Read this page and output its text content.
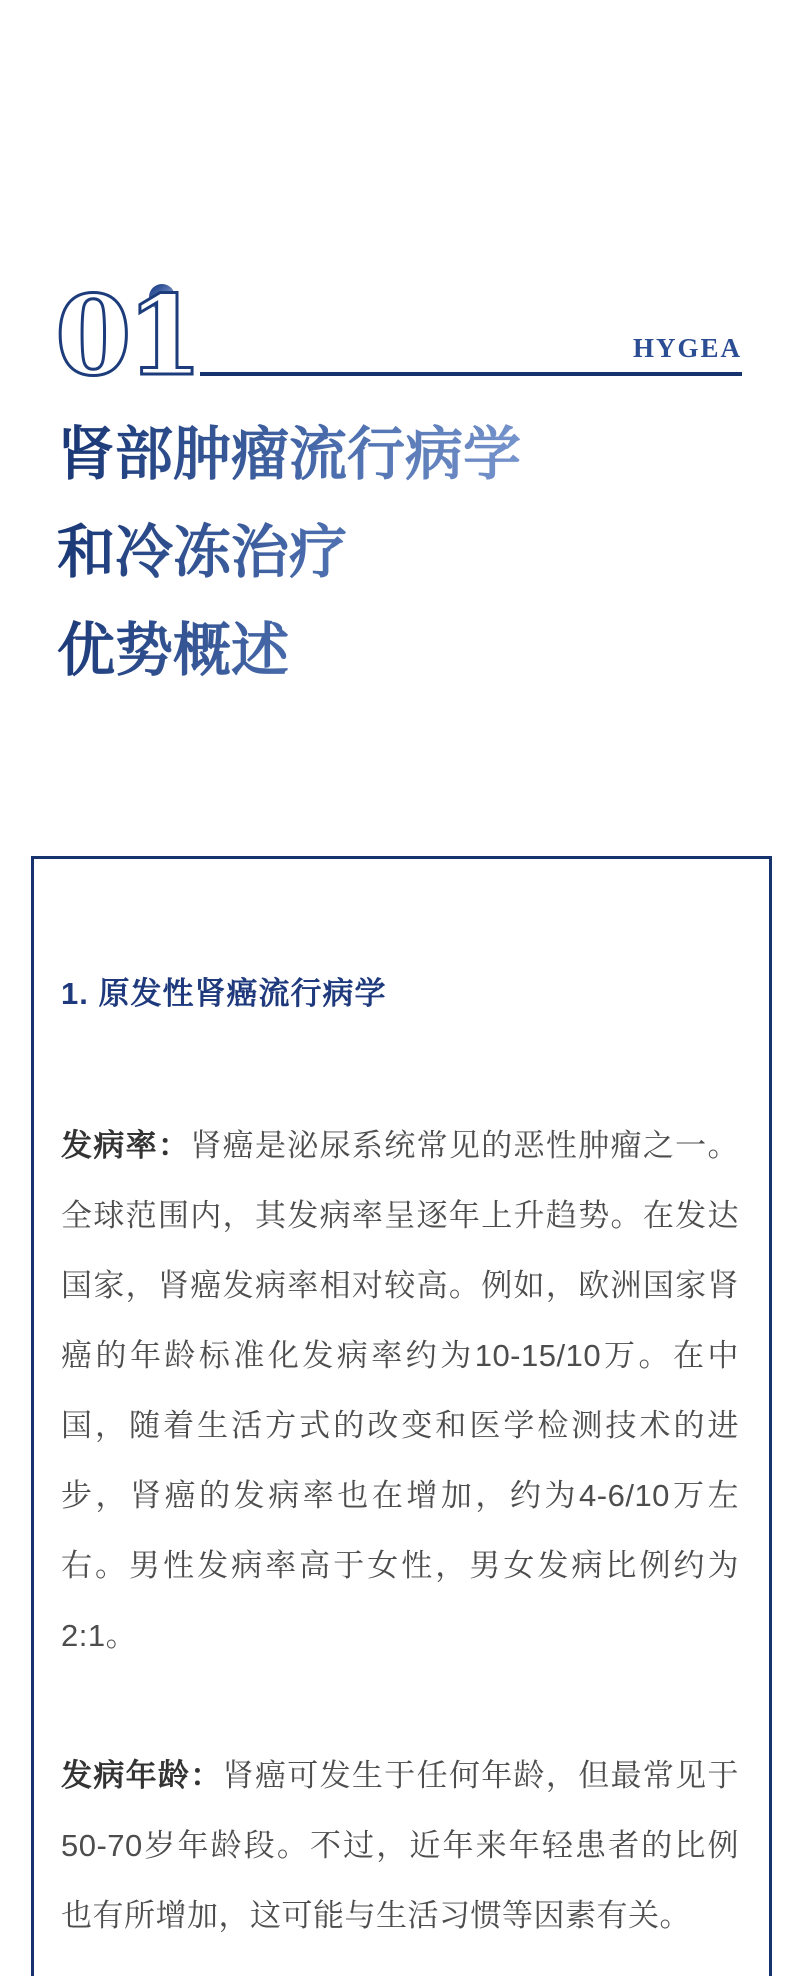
01	HYGEA
肾部肿瘤流行病学
和冷冻治疗
优势概述
1. 原发性肾癌流行病学

发病率：肾癌是泌尿系统常见的恶性肿瘤之一。全球范围内，其发病率呈逐年上升趋势。在发达国家，肾癌发病率相对较高。例如，欧洲国家肾癌的年龄标准化发病率约为10-15/10万。在中国，随着生活方式的改变和医学检测技术的进步，肾癌的发病率也在增加，约为4-6/10万左右。男性发病率高于女性，男女发病比例约为2:1。

发病年龄：肾癌可发生于任何年龄，但最常见于50-70岁年龄段。不过，近年来年轻患者的比例也有所增加，这可能与生活习惯等因素有关。
